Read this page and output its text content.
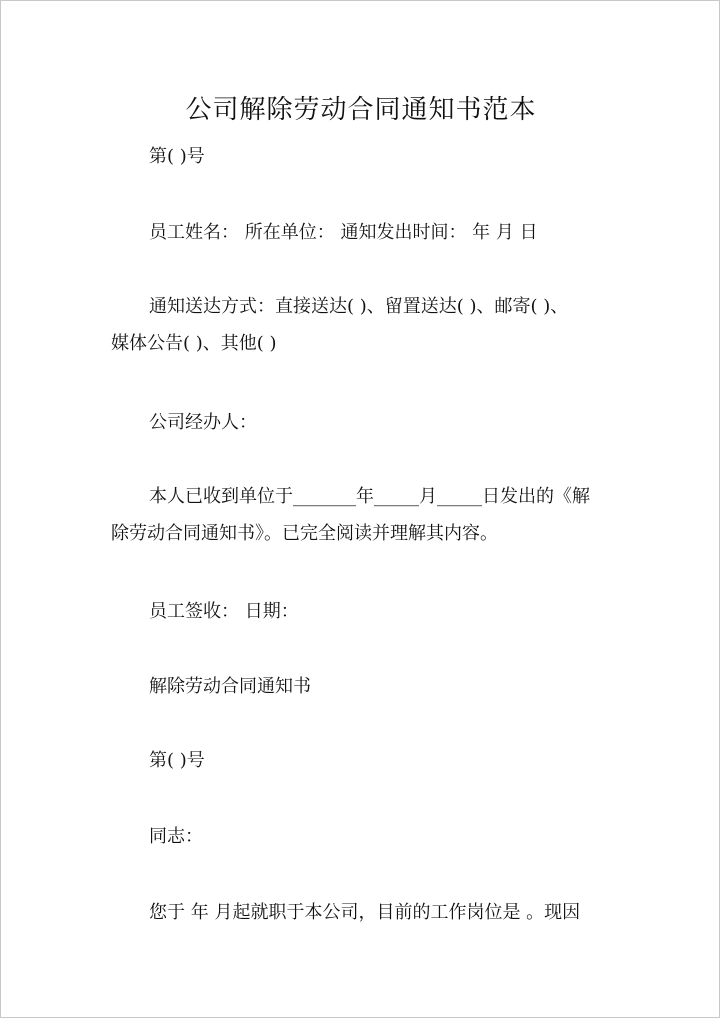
公司解除劳动合同通知书范本
第( )号
员工姓名： 所在单位： 通知发出时间： 年 月 日
通知送达方式：直接送达( )、留置送达( )、邮寄( )、
媒体公告( )、其他( )
公司经办人：
本人已收到单位于_______年_____月_____日发出的《解
除劳动合同通知书》。已完全阅读并理解其内容。
员工签收： 日期：
解除劳动合同通知书
第( )号
同志：
您于 年 月起就职于本公司，目前的工作岗位是 。现因
